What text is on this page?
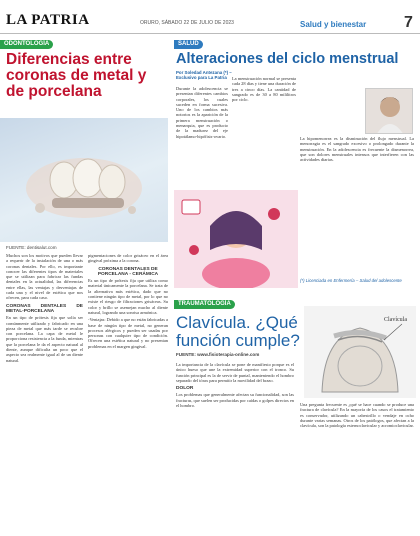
LA PATRIA	ORURO, SÁBADO 22 DE JULIO DE 2023	Salud y bienestar 7
ODONTOLOGÍA
Diferencias entre coronas de metal y de porcelana
FUENTE: dentisalut.com

Muchos son los motivos que pueden llevar a requerir de la instalación de una o más coronas dentales. Por ello, es importante conocer las diferentes tipos de materiales que se utilizan para fabricar las fundas dentales en la actualidad, las diferencias entre ellas, las ventajas y desventajas de cada una y el nivel de estética que nos ofrecen, para cada caso.

CORONAS DENTALES DE METAL-PORCELANA

En un tipo de prótesis fija que solía ser comúnmente utilizado y fabricado en una pieza de metal que más tarde se recubre con porcelana. La capa de metal le proporciona resistencia a la funda, mientras que la porcelana le da el aspecto natural al diente, aunque dificulta un poco que el aspecto sea realmente igual al de un diente natural.

pigmentaciones de color grisáceo en el área gingival próxima a la corona.

CORONAS DENTALES DE PORCELANA - CERÁMICA

Es un tipo de prótesis fija que utiliza como material únicamente la porcelana. Se trata de la alternativa más estética, dado que no contiene ningún tipo de metal, por lo que no existe el riesgo de filtraciones grisáceas. Su color y brillo se asemejan mucho al diente natural, logrando una sonrisa armónica.

-Ventajas: Debido a que no están fabricadas a base de ningún tipo de metal, no generan procesos alérgicos y pueden ser usadas por personas con cualquier tipo de condición. Ofrecen una estética natural y no presentan problemas en el margen gingival.

SALUD
Alteraciones del ciclo menstrual
Por Soledad Antezana (*) – Exclusivo para La Patria

Durante la adolescencia se presentan diferentes cambios corporales, los cuales suceden en forma sucesiva. Uno de los cambios más notorios es la aparición de la primera menstruación o menarquia, que es producto de la madurez del eje hipotálamo-hipófisis-ovario.

La menstruación normal se presenta cada 28 días y tiene una duración de tres a cinco días. La cantidad de sangrado es de 30 a 80 mililitros por ciclo.

La hipomenorrea es la disminución del flujo menstrual. La menorragia es el sangrado excesivo o prolongado durante la menstruación. En la adolescencia es frecuente la dismenorrea, que son dolores menstruales intensos que interfieren con las actividades diarias.

(*) Licenciada en Enfermería – Salud del adolescente
TRAUMATOLOGÍA
Clavícula. ¿Qué función cumple?
FUENTE: www.fisioterapia-online.com
Clavícula

La importancia de la clavícula se pone de manifiesto porque es el único hueso que une la extremidad superior con el tronco. Su función principal es la de servir de puntal, manteniendo el hombro separado del tórax para permitir la movilidad del brazo.

DOLOR

Los problemas que generalmente afectan su funcionalidad, son las fracturas, que suelen ser producidas por caídas o golpes directos en el hombro.	Una pregunta frecuente es ¿qué se hace cuando se produce una fractura de clavícula? En la mayoría de los casos el tratamiento es conservador, utilizando un cabestrillo o vendaje en ocho durante varias semanas. Otros de los patólogos, que afectan a la clavícula, son la patología esternoclavicular y acromioclavicular.
